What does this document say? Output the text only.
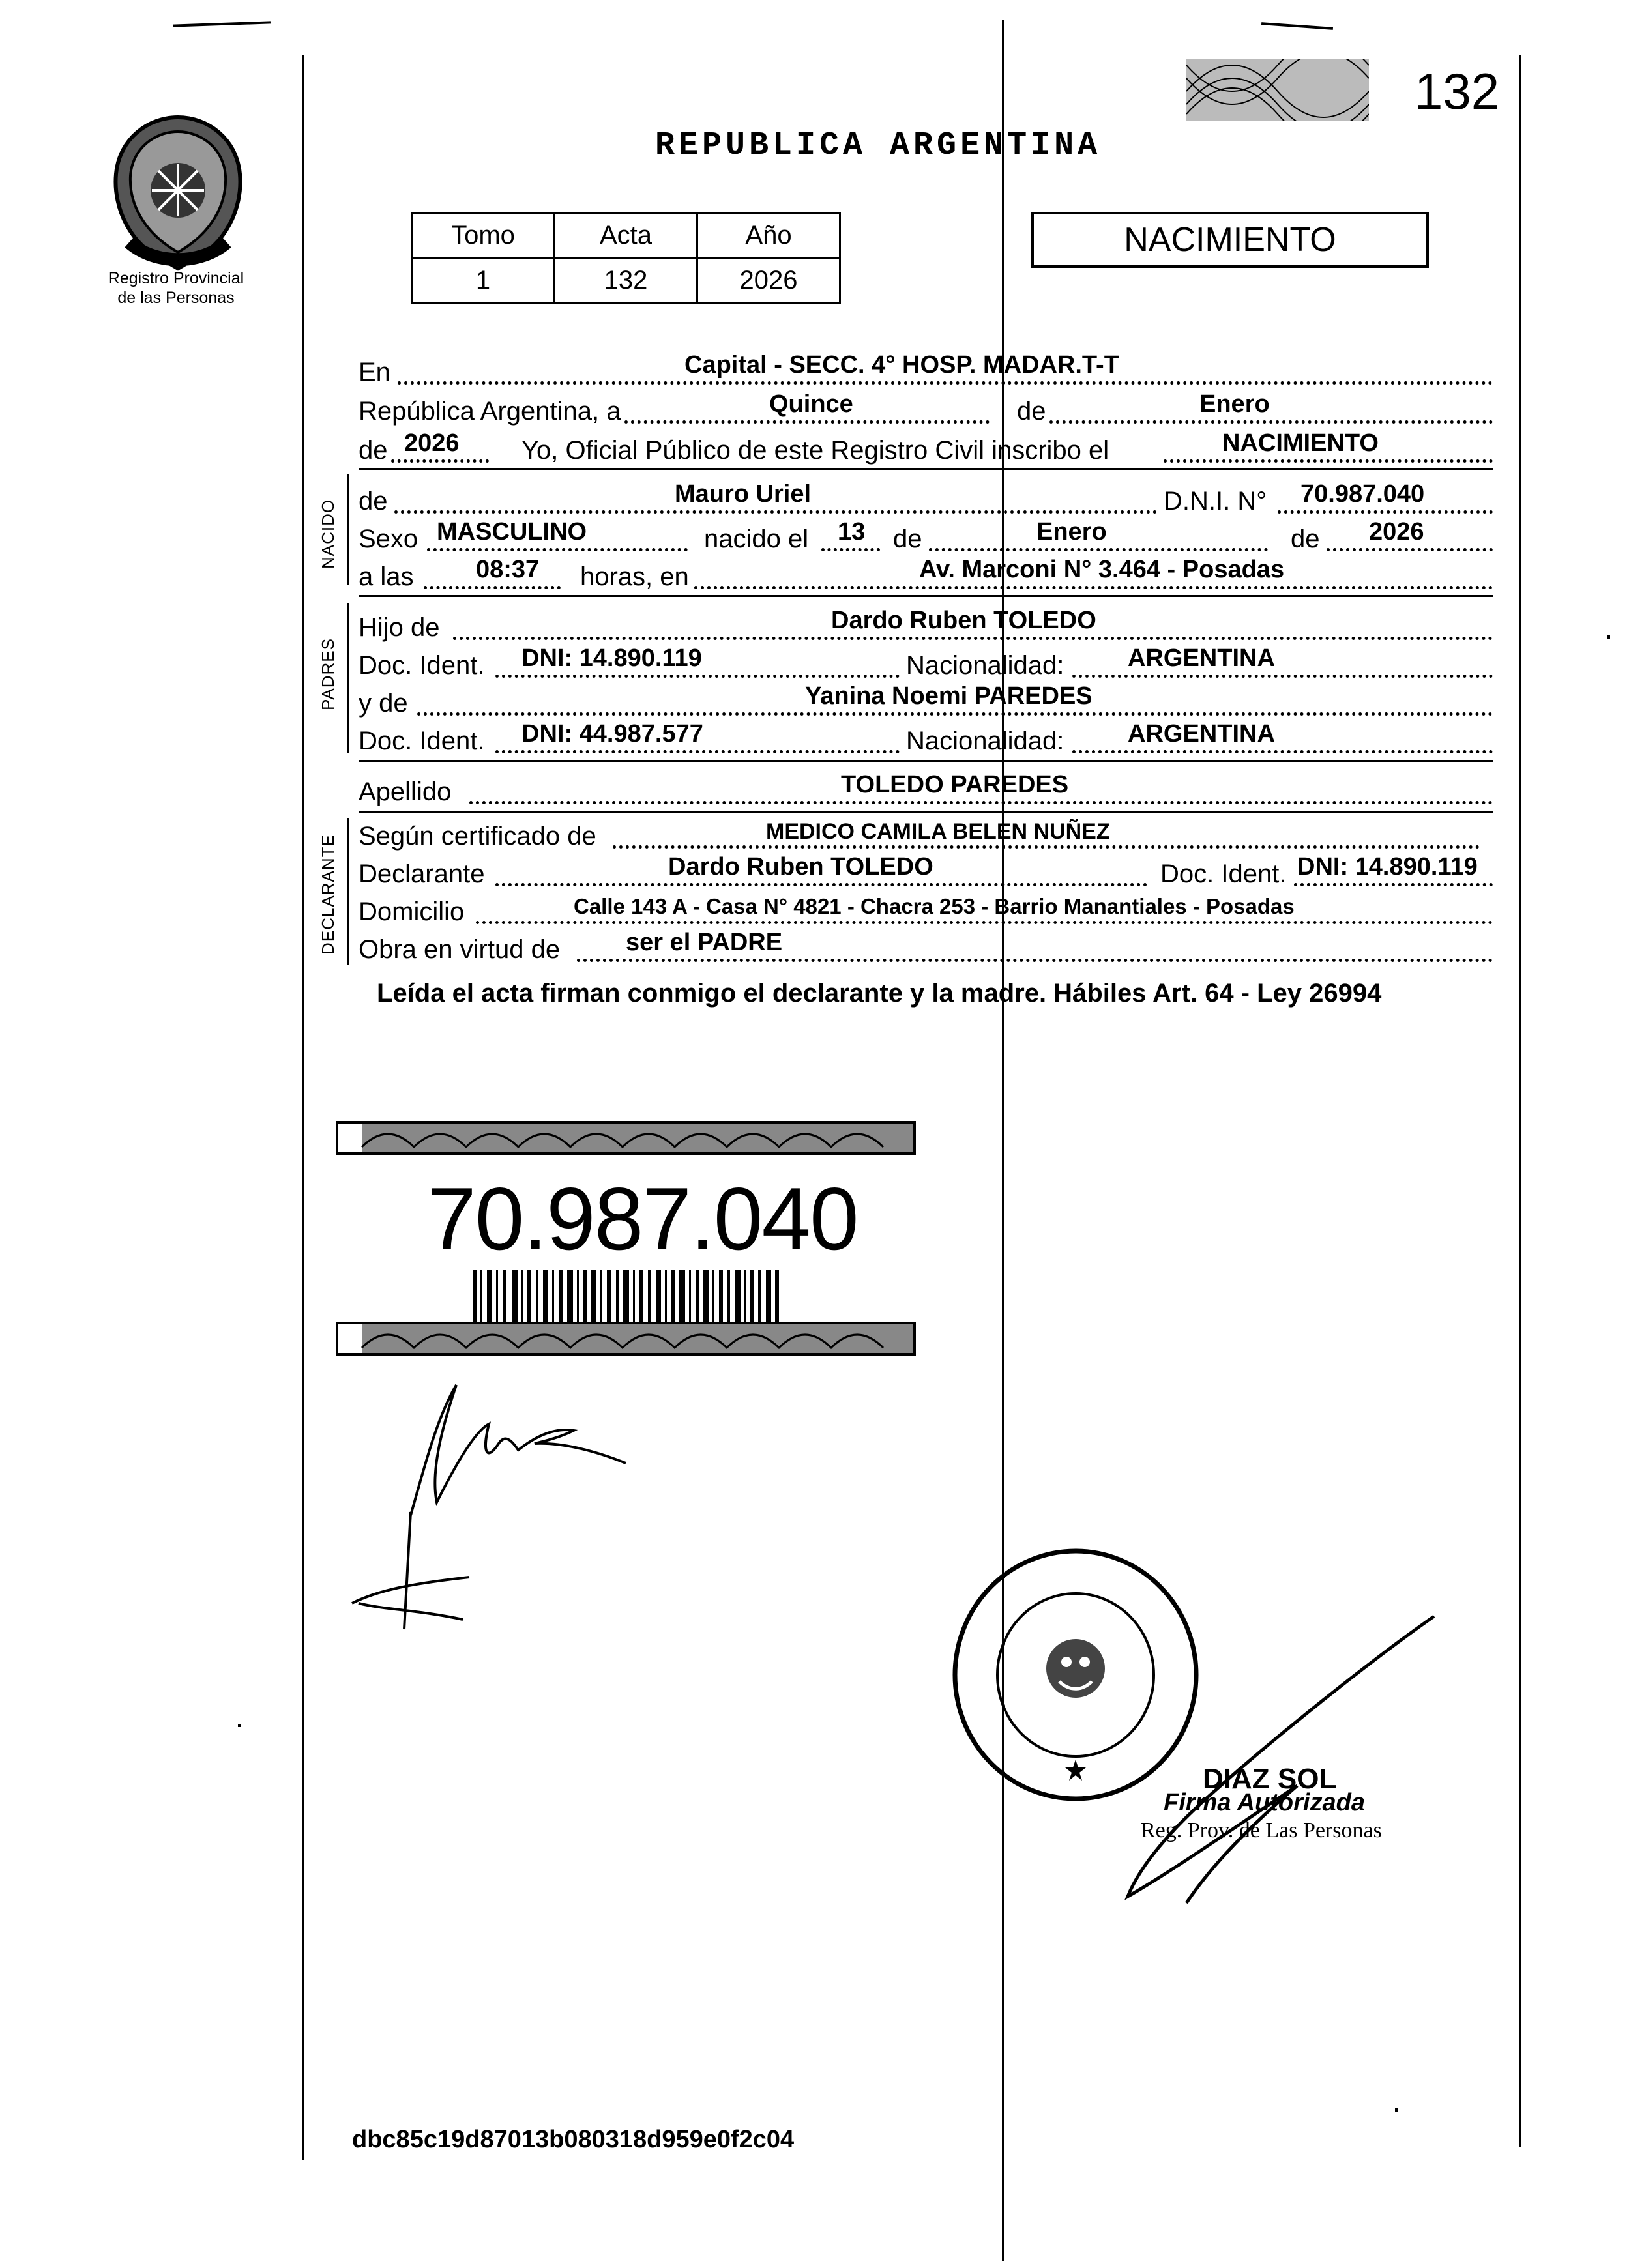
Registro Provincial
de las Personas
132
REPUBLICA ARGENTINA
Tomo	Acta	Año
1	132	2026
NACIMIENTO
En	Capital - SECC. 4° HOSP. MADAR.T-T
República Argentina, a	Quince	de	Enero
de 2026 Yo, Oficial Público de este Registro Civil inscribo el	NACIMIENTO
NACIDO de	Mauro Uriel	D.N.I. N° 70.987.040
Sexo MASCULINO	nacido el 13 de	Enero	de 2026
a las	08:37 horas, en	Av. Marconi N° 3.464 - Posadas
PADRES
Hijo de	Dardo Ruben TOLEDO
Doc. Ident. DNI: 14.890.119	Nacionalidad:	ARGENTINA
y de	Yanina Noemi PAREDES
Doc. Ident. DNI: 44.987.577	Nacionalidad:	ARGENTINA
Apellido	TOLEDO PAREDES
DECLARANTE Según certificado de	MEDICO CAMILA BELEN NUÑEZ
Declarante	Dardo Ruben TOLEDO	Doc. Ident. DNI: 14.890.119
Domicilio	Calle 143 A - Casa N° 4821 - Chacra 253 - Barrio Manantiales - Posadas
Obra en virtud de	ser el PADRE
Leída el acta firman conmigo el declarante y la madre. Hábiles Art. 64 - Ley 26994
70.987.040
DIAZ SOL
Firma Autorizada
Reg. Prov. de Las Personas
dbc85c19d87013b080318d959e0f2c04
